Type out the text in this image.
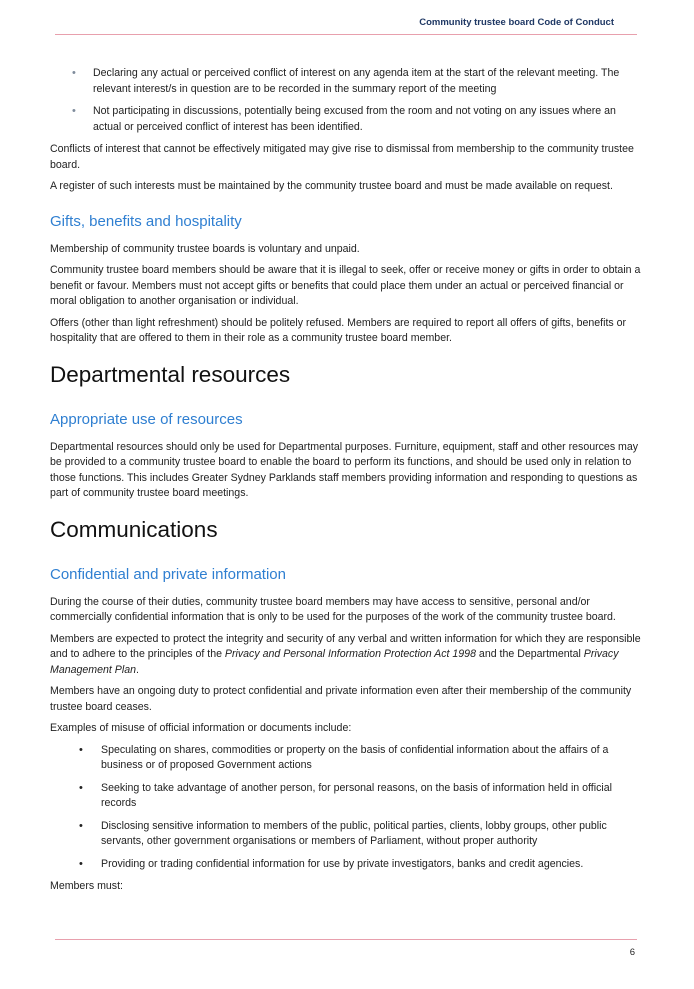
Community trustee board Code of Conduct
• Declaring any actual or perceived conflict of interest on any agenda item at the start of the relevant meeting. The relevant interest/s in question are to be recorded in the summary report of the meeting
• Not participating in discussions, potentially being excused from the room and not voting on any issues where an actual or perceived conflict of interest has been identified.

Conflicts of interest that cannot be effectively mitigated may give rise to dismissal from membership to the community trustee board.

A register of such interests must be maintained by the community trustee board and must be made available on request.

Gifts, benefits and hospitality

Membership of community trustee boards is voluntary and unpaid.

Community trustee board members should be aware that it is illegal to seek, offer or receive money or gifts in order to obtain a benefit or favour. Members must not accept gifts or benefits that could place them under an actual or perceived financial or moral obligation to another organisation or individual.

Offers (other than light refreshment) should be politely refused. Members are required to report all offers of gifts, benefits or hospitality that are offered to them in their role as a community trustee board member.

Departmental resources
Appropriate use of resources

Departmental resources should only be used for Departmental purposes. Furniture, equipment, staff and other resources may be provided to a community trustee board to enable the board to perform its functions, and should be used only in relation to those functions. This includes Greater Sydney Parklands staff members providing information and responding to questions as part of community trustee board meetings.

Communications
Confidential and private information

During the course of their duties, community trustee board members may have access to sensitive, personal and/or commercially confidential information that is only to be used for the purposes of the work of the community trustee board.

Members are expected to protect the integrity and security of any verbal and written information for which they are responsible and to adhere to the principles of the Privacy and Personal Information Protection Act 1998 and the Departmental Privacy Management Plan.

Members have an ongoing duty to protect confidential and private information even after their membership of the community trustee board ceases.

Examples of misuse of official information or documents include:

• Speculating on shares, commodities or property on the basis of confidential information about the affairs of a business or of proposed Government actions
• Seeking to take advantage of another person, for personal reasons, on the basis of information held in official records
• Disclosing sensitive information to members of the public, political parties, clients, lobby groups, other public servants, other government organisations or members of Parliament, without proper authority
• Providing or trading confidential information for use by private investigators, banks and credit agencies.

Members must:

6
